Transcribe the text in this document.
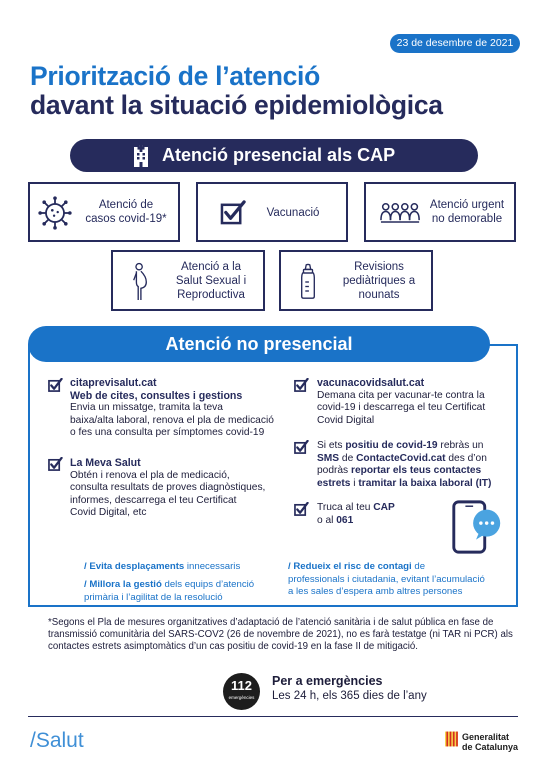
23 de desembre de 2021
Priorització de l’atenció
davant la situació epidemiològica
Atenció presencial als CAP
Atenció de
casos covid-19*	Vacunació
Atenció urgent
no demorable
Atenció a la
Salut Sexual i
Reproductiva
Revisions
pediàtriques a
nounats
Atenció no presencial
citaprevisalut.cat
Web de cites, consultes i gestions
Envia un missatge, tramita la teva
baixa/alta laboral, renova el pla de medicació
o fes una consulta per símptomes covid-19
La Meva Salut
Obtén i renova el pla de medicació,
consulta resultats de proves diagnòstiques,
informes, descarrega el teu Certificat
Covid Digital, etc
vacunacovidsalut.cat
Demana cita per vacunar-te contra la
covid-19 i descarrega el teu Certificat
Covid Digital
Si ets positiu de covid-19 rebràs un
SMS de ContacteCovid.cat des d’on
podràs reportar els teus contactes
estrets i tramitar la baixa laboral (IT)
Truca al teu CAP
o al 061
/ Evita desplaçaments innecessaris
/ Millora la gestió dels equips d’atenció
primària i l’agilitat de la resolució
/ Redueix el risc de contagi de
professionals i ciutadania, evitant l’acumulació
a les sales d’espera amb altres persones
*Segons el Pla de mesures organitzatives d’adaptació de l’atenció sanitària i de salut pública en fase de
transmissió comunitària del SARS-COV2 (26 de novembre de 2021), no es farà testatge (ni TAR ni PCR) als
contactes estrets asimptomàtics d’un cas positiu de covid-19 en la fase II de mitigació.
112
emergències
Per a emergències
Les 24 h, els 365 dies de l’any
/Salut	Generalitat
de Catalunya
